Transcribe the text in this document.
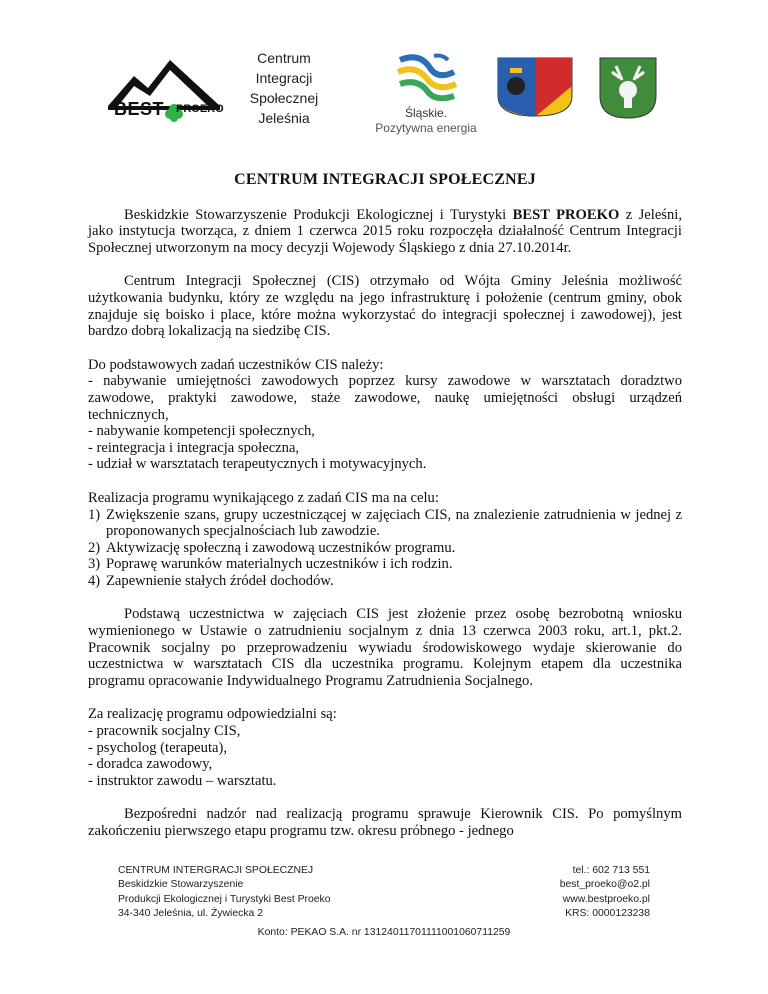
BEST PROEKO
Centrum
Integracji
Społecznej
Jeleśnia	Śląskie.
Pozytywna energia
CENTRUM INTEGRACJI SPOŁECZNEJ

Beskidzkie Stowarzyszenie Produkcji Ekologicznej i Turystyki BEST PROEKO z Jeleśni, jako instytucja tworząca, z dniem 1 czerwca 2015 roku rozpoczęła działalność Centrum Integracji Społecznej utworzonym na mocy decyzji Wojewody Śląskiego z dnia 27.10.2014r.

Centrum Integracji Społecznej (CIS) otrzymało od Wójta Gminy Jeleśnia możliwość użytkowania budynku, który ze względu na jego infrastrukturę i położenie (centrum gminy, obok znajduje się boisko i place, które można wykorzystać do integracji społecznej i zawodowej), jest bardzo dobrą lokalizacją na siedzibę CIS.

Do podstawowych zadań uczestników CIS należy:

- nabywanie umiejętności zawodowych poprzez kursy zawodowe w warsztatach doradztwo zawodowe, praktyki zawodowe, staże zawodowe, naukę umiejętności obsługi urządzeń technicznych,

- nabywanie kompetencji społecznych,

- reintegracja i integracja społeczna,

- udział w warsztatach terapeutycznych i motywacyjnych.

Realizacja programu wynikającego z zadań CIS ma na celu:

1) Zwiększenie szans, grupy uczestniczącej w zajęciach CIS, na znalezienie zatrudnienia w jednej z proponowanych specjalnościach lub zawodzie.
2) Aktywizację społeczną i zawodową uczestników programu.
3) Poprawę warunków materialnych uczestników i ich rodzin.
4) Zapewnienie stałych źródeł dochodów.

Podstawą uczestnictwa w zajęciach CIS jest złożenie przez osobę bezrobotną wniosku wymienionego w Ustawie o zatrudnieniu socjalnym z dnia 13 czerwca 2003 roku, art.1, pkt.2. Pracownik socjalny po przeprowadzeniu wywiadu środowiskowego wydaje skierowanie do uczestnictwa w warsztatach CIS dla uczestnika programu. Kolejnym etapem dla uczestnika programu opracowanie Indywidualnego Programu Zatrudnienia Socjalnego.

Za realizację programu odpowiedzialni są:

- pracownik socjalny CIS,

- psycholog (terapeuta),

- doradca zawodowy,

- instruktor zawodu – warsztatu.

Bezpośredni nadzór nad realizacją programu sprawuje Kierownik CIS. Po pomyślnym zakończeniu pierwszego etapu programu tzw. okresu próbnego - jednego

CENTRUM INTERGRACJI SPOŁECZNEJ
Beskidzkie Stowarzyszenie
Produkcji Ekologicznej i Turystyki Best Proeko
34-340 Jeleśnia, ul. Żywiecka 2
tel.: 602 713 551
best_proeko@o2.pl
www.bestproeko.pl
KRS: 0000123238
Konto: PEKAO S.A. nr 13124011701111001060711259
